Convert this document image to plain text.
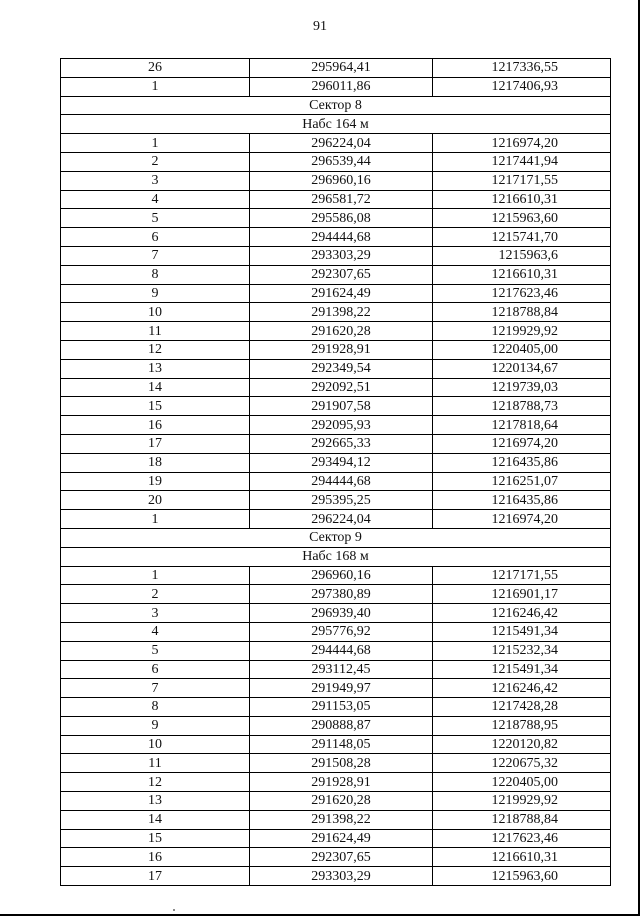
91
26	295964,41	1217336,55
1	296011,86	1217406,93
Сектор 8		
Набс 164 м		
1	296224,04	1216974,20
2	296539,44	1217441,94
3	296960,16	1217171,55
4	296581,72	1216610,31
5	295586,08	1215963,60
6	294444,68	1215741,70
7	293303,29	1215963,6
8	292307,65	1216610,31
9	291624,49	1217623,46
10	291398,22	1218788,84
11	291620,28	1219929,92
12	291928,91	1220405,00
13	292349,54	1220134,67
14	292092,51	1219739,03
15	291907,58	1218788,73
16	292095,93	1217818,64
17	292665,33	1216974,20
18	293494,12	1216435,86
19	294444,68	1216251,07
20	295395,25	1216435,86
1	296224,04	1216974,20
Сектор 9		
Набс 168 м		
1	296960,16	1217171,55
2	297380,89	1216901,17
3	296939,40	1216246,42
4	295776,92	1215491,34
5	294444,68	1215232,34
6	293112,45	1215491,34
7	291949,97	1216246,42
8	291153,05	1217428,28
9	290888,87	1218788,95
10	291148,05	1220120,82
11	291508,28	1220675,32
12	291928,91	1220405,00
13	291620,28	1219929,92
14	291398,22	1218788,84
15	291624,49	1217623,46
16	292307,65	1216610,31
17	293303,29	1215963,60
